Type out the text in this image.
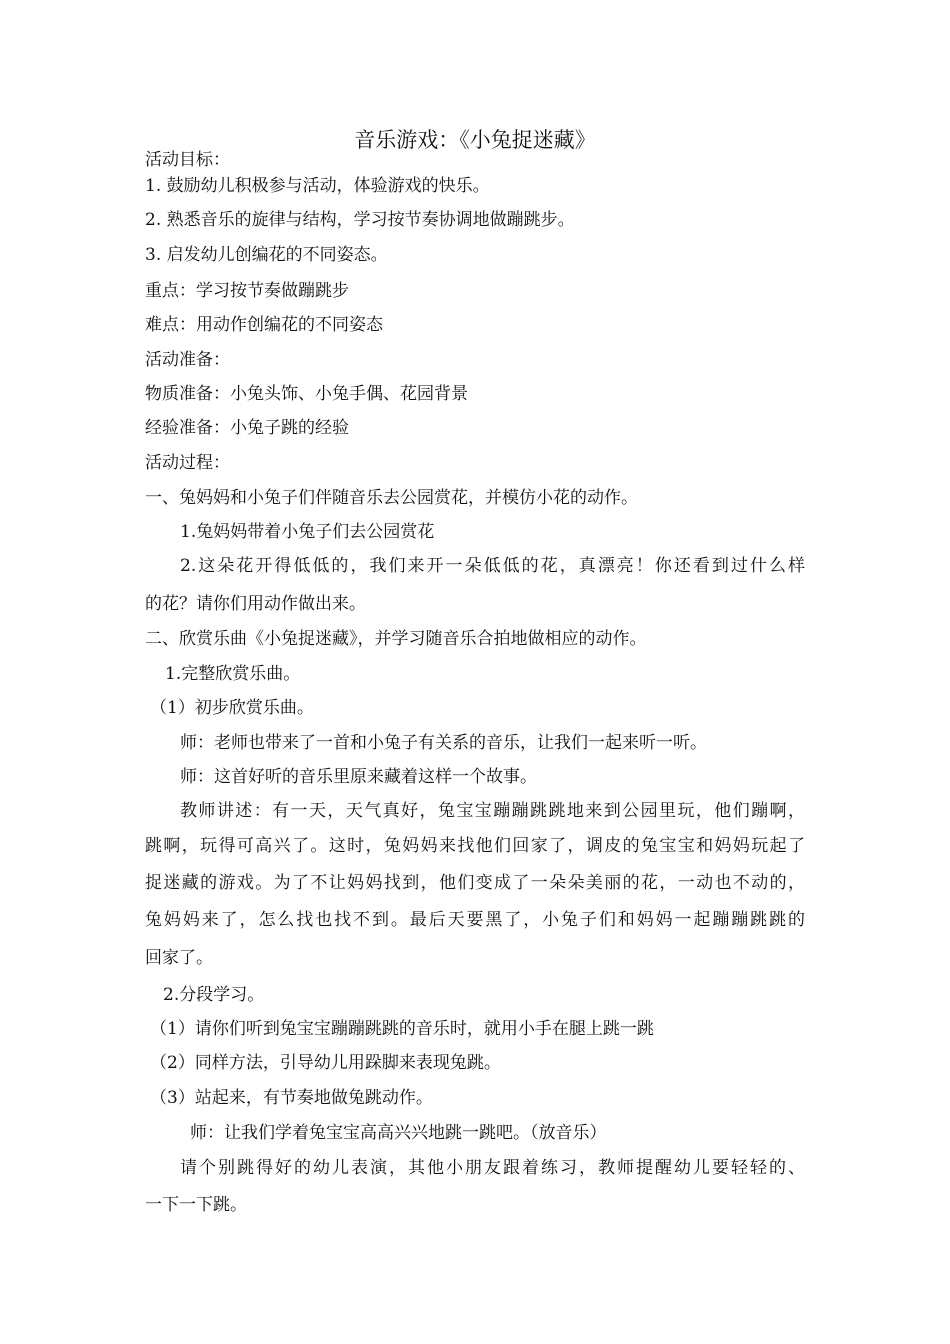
音乐游戏：《小兔捉迷藏》
活动目标：
1. 鼓励幼儿积极参与活动，体验游戏的快乐。
2. 熟悉音乐的旋律与结构，学习按节奏协调地做蹦跳步。
3. 启发幼儿创编花的不同姿态。
重点：学习按节奏做蹦跳步
难点：用动作创编花的不同姿态
活动准备：
物质准备：小兔头饰、小兔手偶、花园背景
经验准备：小兔子跳的经验
活动过程：
一、兔妈妈和小兔子们伴随音乐去公园赏花，并模仿小花的动作。
1.兔妈妈带着小兔子们去公园赏花
2.这朵花开得低低的，我们来开一朵低低的花，真漂亮！你还看到过什么样
的花？请你们用动作做出来。
二、欣赏乐曲《小兔捉迷藏》，并学习随音乐合拍地做相应的动作。
1.完整欣赏乐曲。
（1）初步欣赏乐曲。
师：老师也带来了一首和小兔子有关系的音乐，让我们一起来听一听。
师：这首好听的音乐里原来藏着这样一个故事。
教师讲述：有一天，天气真好，兔宝宝蹦蹦跳跳地来到公园里玩，他们蹦啊，
跳啊，玩得可高兴了。这时，兔妈妈来找他们回家了，调皮的兔宝宝和妈妈玩起了
捉迷藏的游戏。为了不让妈妈找到，他们变成了一朵朵美丽的花，一动也不动的，
兔妈妈来了，怎么找也找不到。最后天要黑了，小兔子们和妈妈一起蹦蹦跳跳的
回家了。
2.分段学习。
（1）请你们听到兔宝宝蹦蹦跳跳的音乐时，就用小手在腿上跳一跳
（2）同样方法，引导幼儿用跺脚来表现兔跳。
（3）站起来，有节奏地做兔跳动作。
师：让我们学着兔宝宝高高兴兴地跳一跳吧。（放音乐）
请个别跳得好的幼儿表演，其他小朋友跟着练习，教师提醒幼儿要轻轻的、
一下一下跳。
